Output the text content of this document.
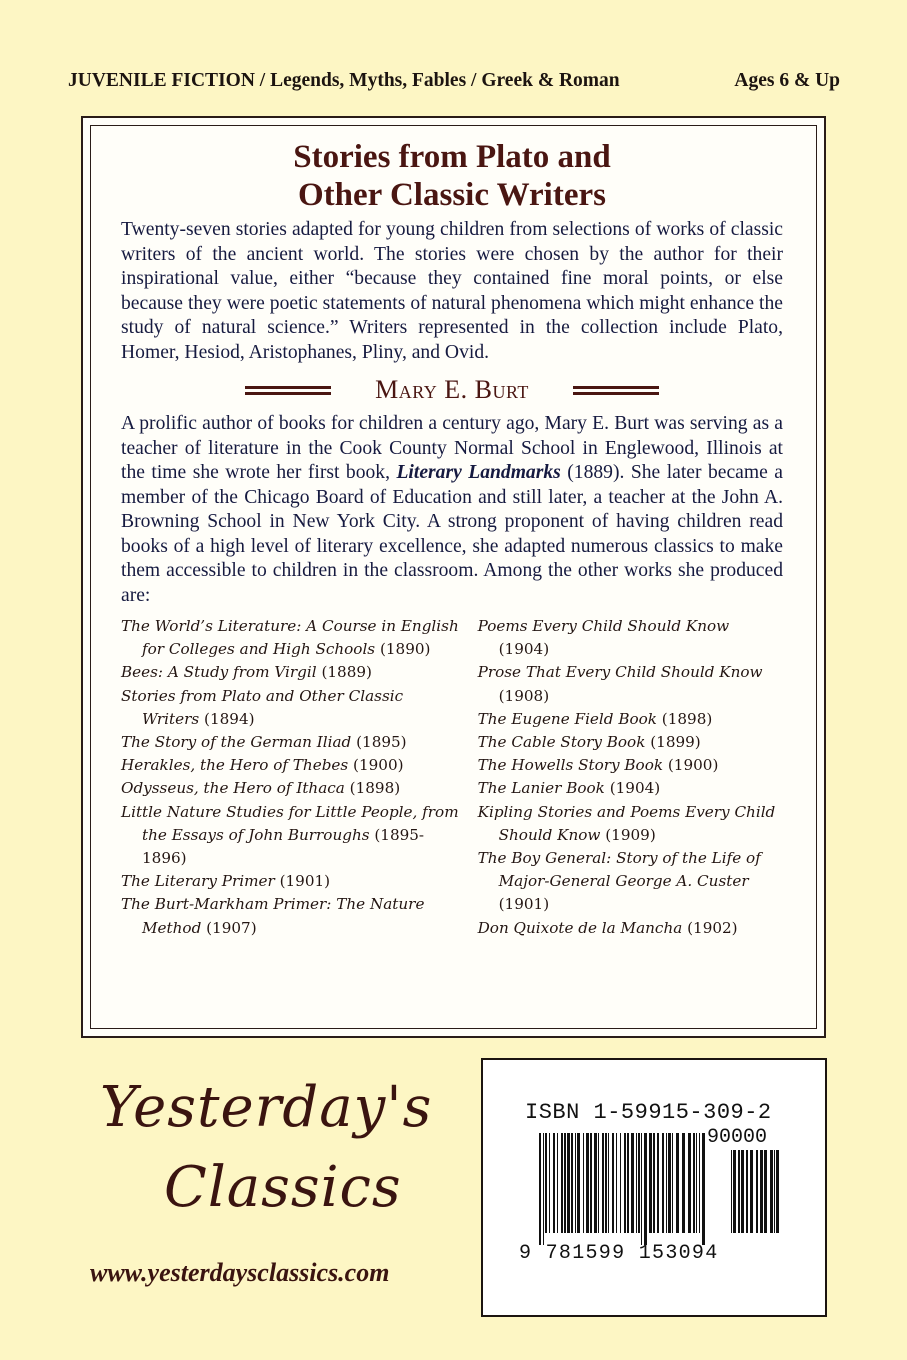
JUVENILE FICTION / Legends, Myths, Fables / Greek & Roman	Ages 6 & Up
Stories from Plato and
Other Classic Writers

Twenty-seven stories adapted for young children from selections of works of classic writers of the ancient world. The stories were chosen by the author for their inspirational value, either “because they contained fine moral points, or else because they were poetic statements of natural phenomena which might enhance the study of natural science.” Writers represented in the collection include Plato, Homer, Hesiod, Aristophanes, Pliny, and Ovid.

Mary E. Burt

A prolific author of books for children a century ago, Mary E. Burt was serving as a teacher of literature in the Cook County Normal School in Englewood, Illinois at the time she wrote her first book, Literary Landmarks (1889). She later became a member of the Chicago Board of Education and still later, a teacher at the John A. Browning School in New York City. A strong proponent of having children read books of a high level of literary excellence, she adapted numerous classics to make them accessible to children in the classroom. Among the other works she produced are:

The World’s Literature: A Course in English for Colleges and High Schools (1890)
Bees: A Study from Virgil (1889)
Stories from Plato and Other Classic Writers (1894)
The Story of the German Iliad (1895)
Herakles, the Hero of Thebes (1900)
Odysseus, the Hero of Ithaca (1898)
Little Nature Studies for Little People, from the Essays of John Burroughs (1895-1896)
The Literary Primer (1901)
The Burt-Markham Primer: The Nature Method (1907)
Poems Every Child Should Know (1904)
Prose That Every Child Should Know (1908)
The Eugene Field Book (1898)
The Cable Story Book (1899)
The Howells Story Book (1900)
The Lanier Book (1904)
Kipling Stories and Poems Every Child Should Know (1909)
The Boy General: Story of the Life of Major-General George A. Custer (1901)
Don Quixote de la Mancha (1902)
Yesterday's
Classics
www.yesterdaysclassics.com
ISBN 1-59915-309-2
90000
9 781599 153094
